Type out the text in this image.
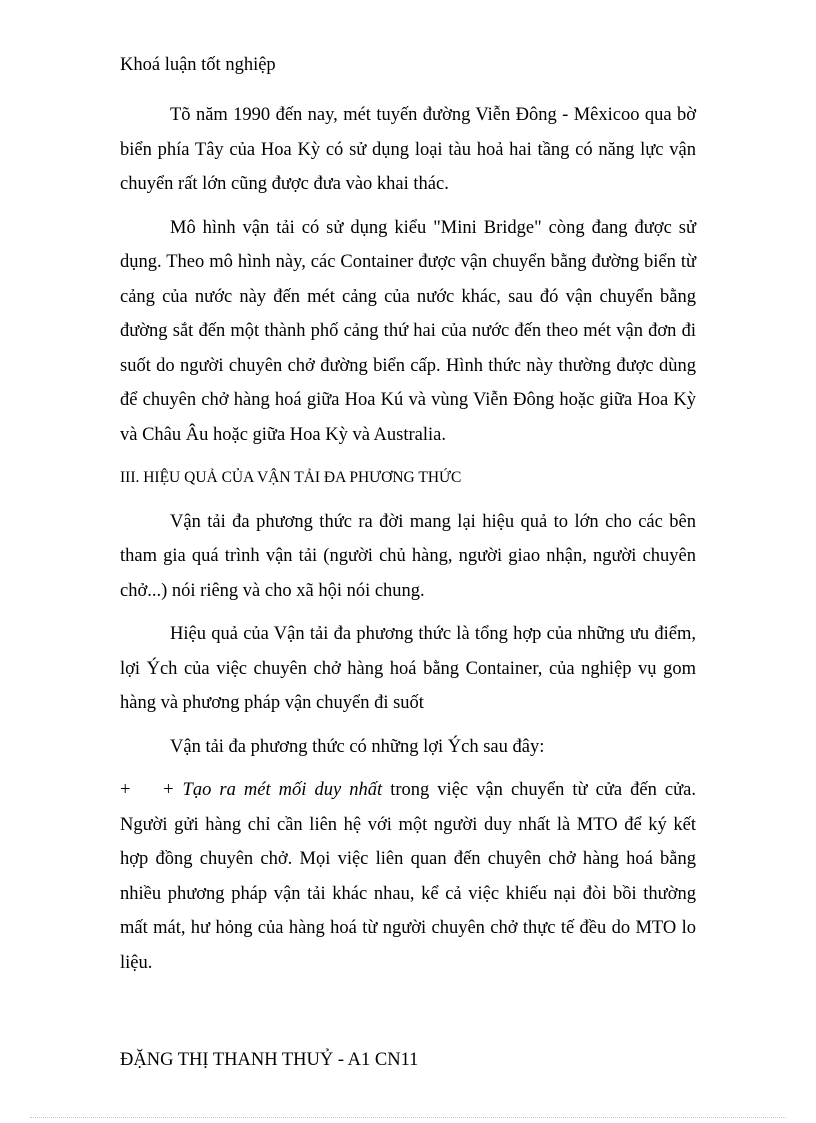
Khoá luận tốt nghiệp

Tõ năm 1990 đến nay, mét tuyến đường Viễn Đông - Mêxicoo qua bờ biển phía Tây của Hoa Kỳ có sử dụng loại tàu hoả hai tầng có năng lực vận chuyển rất lớn cũng được đưa vào khai thác.

Mô hình vận tải có sử dụng kiểu "Mini Bridge" còng đang được sử dụng. Theo mô hình này, các Container được vận chuyển bằng đường biển từ cảng của nước này đến mét cảng của nước khác, sau đó vận chuyển bằng đường sắt đến một thành phố cảng thứ hai của nước đến theo mét vận đơn đi suốt do người chuyên chở đường biển cấp. Hình thức này thường được dùng để chuyên chở hàng hoá giữa Hoa Kú và vùng Viễn Đông hoặc giữa Hoa Kỳ và Châu Âu hoặc giữa Hoa Kỳ và Australia.

III. HIỆU QUẢ CỦA VẬN TẢI ĐA PHƯƠNG THỨC

Vận tải đa phương thức ra đời mang lại hiệu quả to lớn cho các bên tham gia quá trình vận tải (người chủ hàng, người giao nhận, người chuyên chở...) nói riêng và cho xã hội nói chung.

Hiệu quả của Vận tải đa phương thức là tổng hợp của những ưu điểm, lợi Ých của việc chuyên chở hàng hoá bằng Container, của nghiệp vụ gom hàng và phương pháp vận chuyển đi suốt

Vận tải đa phương thức có những lợi Ých sau đây:

+ + Tạo ra mét mối duy nhất trong việc vận chuyển từ cửa đến cửa. Người gửi hàng chỉ cần liên hệ với một người duy nhất là MTO để ký kết hợp đồng chuyên chở. Mọi việc liên quan đến chuyên chở hàng hoá bằng nhiều phương pháp vận tải khác nhau, kể cả việc khiếu nại đòi bồi thường mất mát, hư hỏng của hàng hoá từ người chuyên chở thực tế đều do MTO lo liệu.

ĐẶNG THỊ THANH THUỶ - A1 CN11
